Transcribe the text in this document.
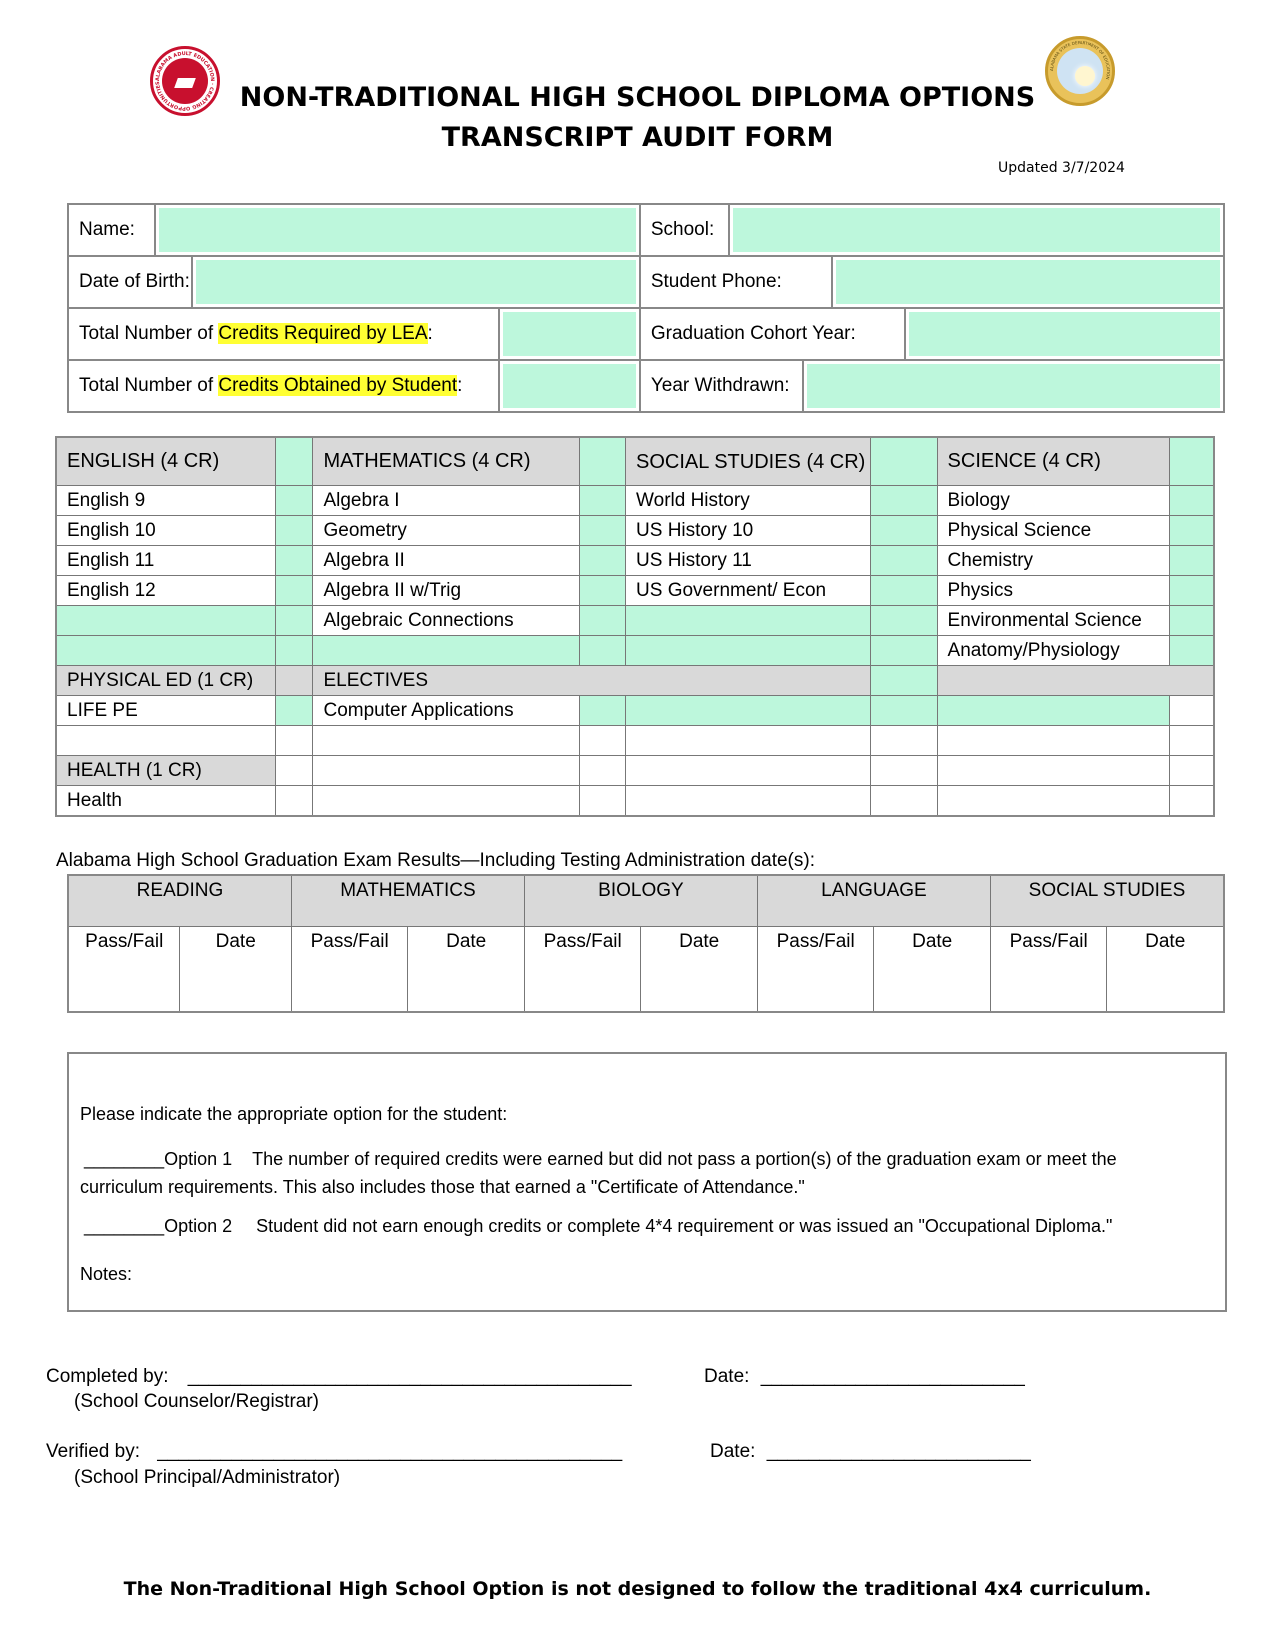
ALABAMA ADULT EDUCATION · CREATING OPPORTUNITIES
ALABAMA STATE DEPARTMENT OF EDUCATION
NON-TRADITIONAL HIGH SCHOOL DIPLOMA OPTIONS
TRANSCRIPT AUDIT FORM
Updated 3/7/2024
Name:				School:				

Date of Birth:				Student Phone:				

Total Number of Credits Required by LEA:				Graduation Cohort Year:				

Total Number of Credits Obtained by Student:				Year Withdrawn:				
ENGLISH (4 CR)		MATHEMATICS (4 CR)		SOCIAL STUDIES (4 CR)		SCIENCE (4 CR)	
English 9		Algebra I		World History		Biology	
English 10		Geometry		US History 10		Physical Science	
English 11		Algebra II		US History 11		Chemistry	
English 12		Algebra II w/Trig		US Government/ Econ		Physics	
		Algebraic Connections				Environmental Science	
						Anatomy/Physiology	
PHYSICAL ED (1 CR)		ELECTIVES					
LIFE PE		Computer Applications					

HEALTH (1 CR)							
Health							
Alabama High School Graduation Exam Results—Including Testing Administration date(s):
READING		MATHEMATICS		BIOLOGY		LANGUAGE		SOCIAL STUDIES	
Pass/Fail	Date	Pass/Fail	Date	Pass/Fail	Date	Pass/Fail	Date	Pass/Fail	Date
Please indicate the appropriate option for the student:
________Option 1 The number of required credits were earned but did not pass a portion(s) of the graduation exam or meet the
curriculum requirements. This also includes those that earned a "Certificate of Attendance."
________Option 2 Student did not earn enough credits or complete 4*4 requirement or was issued an "Occupational Diploma."
Notes:
Completed by: __________________________________________
(School Counselor/Registrar)
Date: _________________________
Verified by: ____________________________________________
(School Principal/Administrator)
Date: _________________________
The Non-Traditional High School Option is not designed to follow the traditional 4x4 curriculum.
